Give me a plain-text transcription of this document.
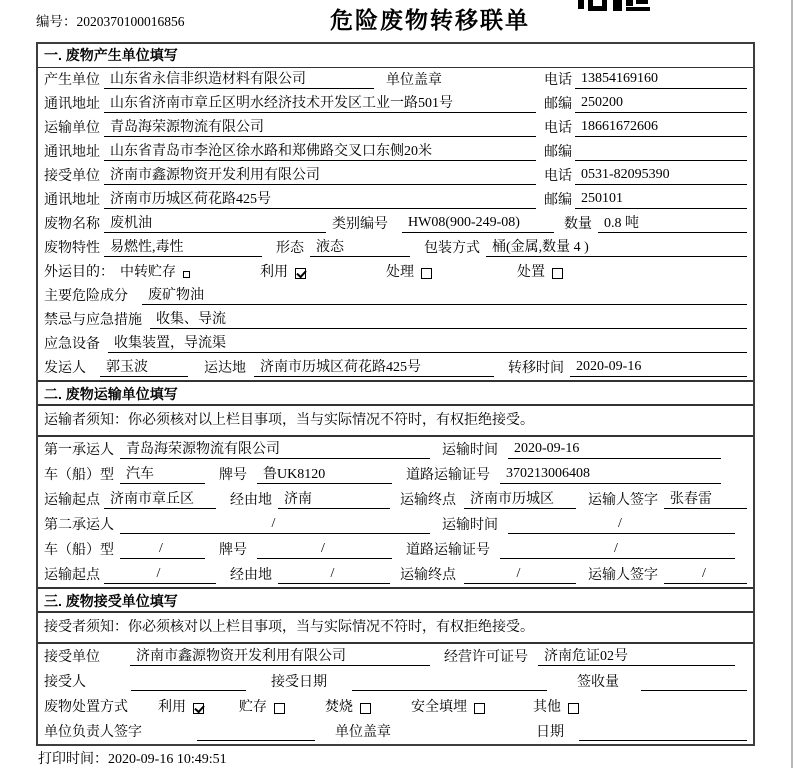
编号：2020370100016856	危险废物转移联单
一. 废物产生单位填写
产生单位 山东省永信非织造材料有限公司	单位盖章	电话 13854169160
通讯地址 山东省济南市章丘区明水经济技术开发区工业一路501号	邮编 250200
运输单位 青岛海荣源物流有限公司	电话 18661672606
通讯地址 山东省青岛市李沧区徐水路和郑佛路交叉口东侧20米	邮编
接受单位 济南市鑫源物资开发利用有限公司	电话 0531-82095390
通讯地址 济南市历城区荷花路425号	邮编 250101
废物名称 废机油	类别编号	HW08(900-249-08)	数量 0.8 吨
废物特性 易燃性,毒性	形态 液态	包装方式 桶(金属,数量 4 )
外运目的： 中转贮存	利用	处理	处置
主要危险成分	废矿物油
禁忌与应急措施	收集、导流
应急设备	收集装置，导流渠
发运人	郭玉波	运达地	济南市历城区荷花路425号	转移时间 2020-09-16
二. 废物运输单位填写
运输者须知：你必须核对以上栏目事项，当与实际情况不符时，有权拒绝接受。
第一承运人 青岛海荣源物流有限公司	运输时间	2020-09-16
车（船）型 汽车	牌号	鲁UK8120	道路运输证号	370213006408
运输起点 济南市章丘区	经由地 济南	运输终点	济南市历城区	运输人签字 张春雷
第二承运人	/	运输时间	/
车（船）型	/	牌号	/	道路运输证号	/
运输起点	/	经由地	/	运输终点	/	运输人签字	/
三. 废物接受单位填写
接受者须知：你必须核对以上栏目事项，当与实际情况不符时，有权拒绝接受。
接受单位	济南市鑫源物资开发利用有限公司	经营许可证号	济南危证02号
接受人	接受日期	签收量
废物处置方式 利用	贮存	焚烧	安全填埋	其他
单位负责人签字	单位盖章	日期
打印时间：2020-09-16 10:49:51
